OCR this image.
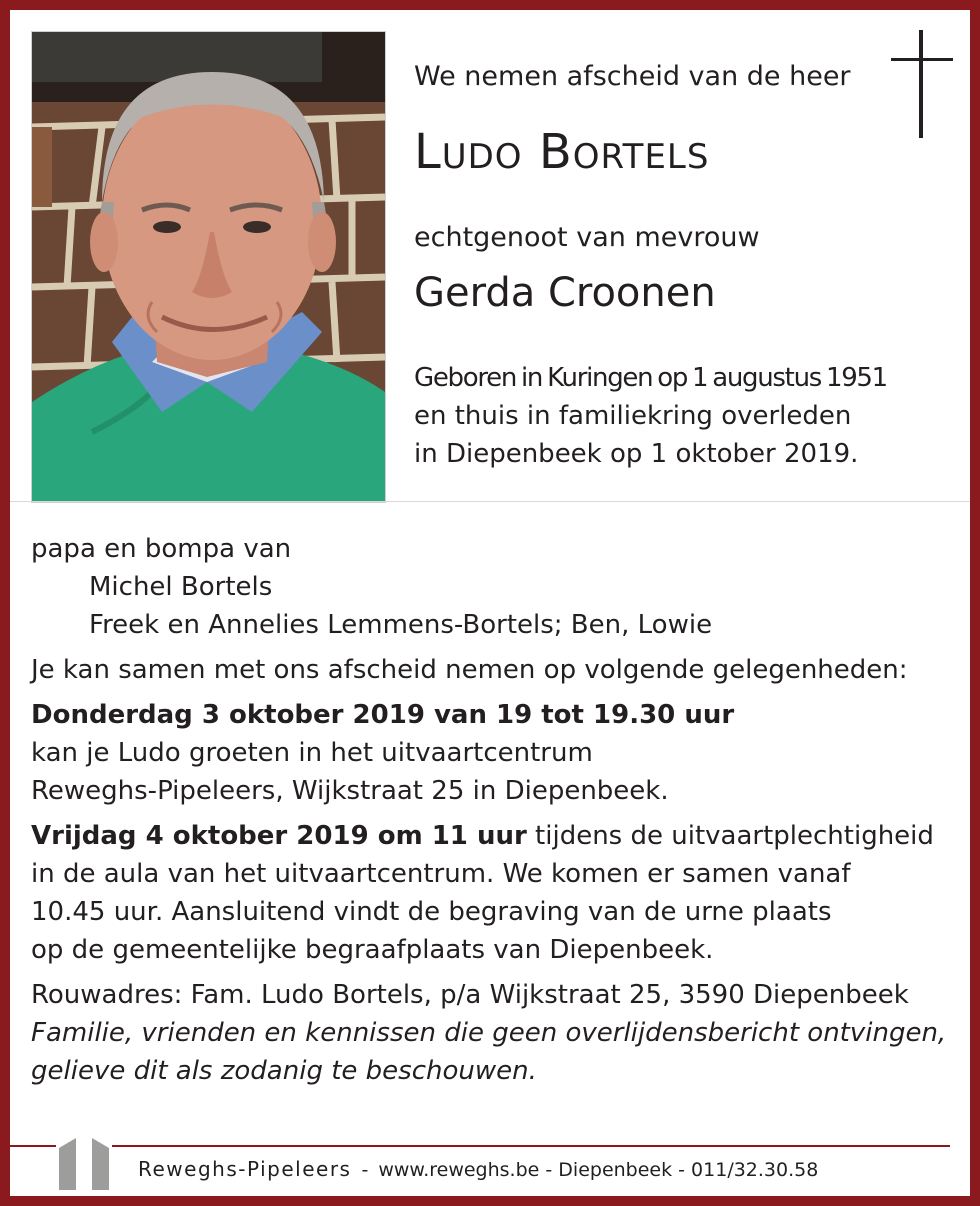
We nemen afscheid van de heer
Ludo Bortels
echtgenoot van mevrouw
Gerda Croonen
Geboren in Kuringen op 1 augustus 1951
en thuis in familiekring overleden
in Diepenbeek op 1 oktober 2019.

papa en bompa van

Michel Bortels

Freek en Annelies Lemmens-Bortels; Ben, Lowie

Je kan samen met ons afscheid nemen op volgende gelegenheden:

Donderdag 3 oktober 2019 van 19 tot 19.30 uur

kan je Ludo groeten in het uitvaartcentrum

Reweghs-Pipeleers, Wijkstraat 25 in Diepenbeek.

Vrijdag 4 oktober 2019 om 11 uur tijdens de uitvaartplechtigheid

in de aula van het uitvaartcentrum. We komen er samen vanaf

10.45 uur. Aansluitend vindt de begraving van de urne plaats

op de gemeentelijke begraafplaats van Diepenbeek.

Rouwadres: Fam. Ludo Bortels, p/a Wijkstraat 25, 3590 Diepenbeek

Familie, vrienden en kennissen die geen overlijdensbericht ontvingen,

gelieve dit als zodanig te beschouwen.

Reweghs-Pipeleers - www.reweghs.be - Diepenbeek - 011/32.30.58
